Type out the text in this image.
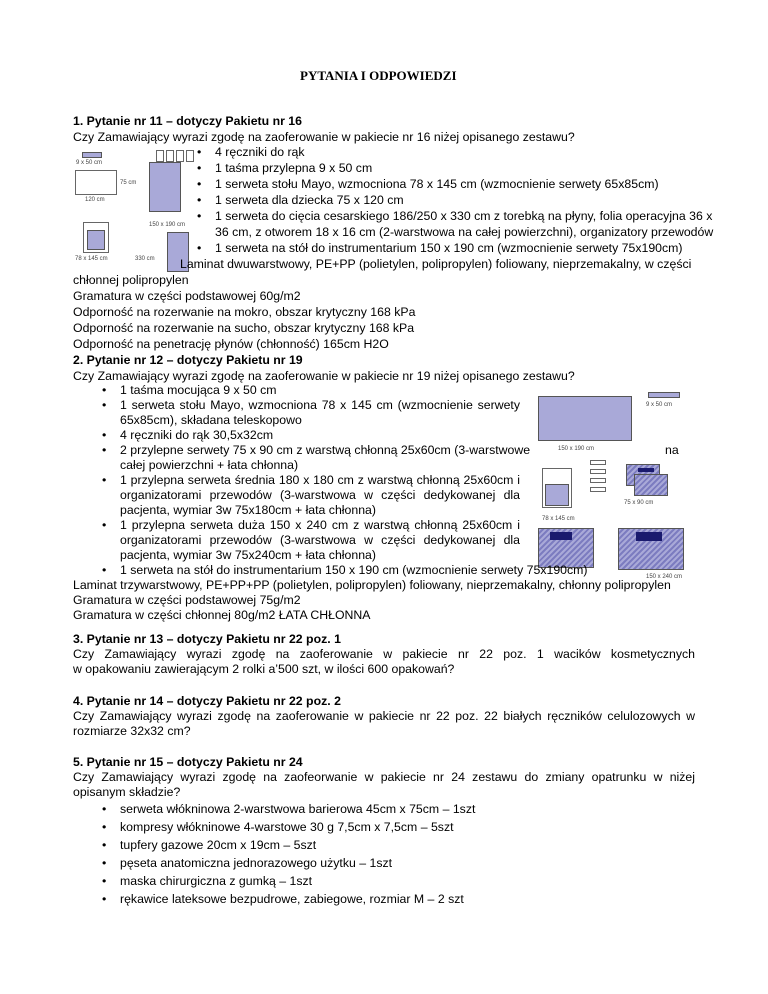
PYTANIA I ODPOWIEDZI
1. Pytanie nr 11 – dotyczy Pakietu nr 16
Czy Zamawiający wyrazi zgodę na zaoferowanie w pakiecie nr 16 niżej opisanego zestawu?
9 x 50 cm
75 cm
120 cm
150 x 190 cm
78 x 145 cm	330 cm
• 4 ręczniki do rąk
• 1 taśma przylepna 9 x 50 cm
• 1 serweta stołu Mayo, wzmocniona 78 x 145 cm (wzmocnienie serwety 65x85cm)
• 1 serweta dla dziecka 75 x 120 cm
• 1 serweta do cięcia cesarskiego 186/250 x 330 cm z torebką na płyny, folia operacyjna 36 x
36 cm, z otworem 18 x 16 cm (2-warstwowa na całej powierzchni), organizatory przewodów
• 1 serweta na stół do instrumentarium 150 x 190 cm (wzmocnienie serwety 75x190cm)
Laminat dwuwarstwowy, PE+PP (polietylen, polipropylen) foliowany, nieprzemakalny, w części
chłonnej polipropylen
Gramatura w części podstawowej 60g/m2
Odporność na rozerwanie na mokro, obszar krytyczny 168 kPa
Odporność na rozerwanie na sucho, obszar krytyczny 168 kPa
Odporność na penetrację płynów (chłonność) 165cm H2O
2. Pytanie nr 12 – dotyczy Pakietu nr 19
Czy Zamawiający wyrazi zgodę na zaoferowanie w pakiecie nr 19 niżej opisanego zestawu?
150 x 190 cm
9 x 50 cm
75 x 90 cm
78 x 145 cm
150 x 240 cm
• 1 taśma mocująca 9 x 50 cm
• 1 serweta stołu Mayo, wzmocniona 78 x 145 cm (wzmocnienie serwety
65x85cm), składana teleskopowo
• 4 ręczniki do rąk 30,5x32cm
• 2 przylepne serwety 75 x 90 cm z warstwą chłonną 25x60cm (3-warstwowe
całej powierzchni + łata chłonna)
na
• 1 przylepna serweta średnia 180 x 180 cm z warstwą chłonną 25x60cm i
organizatorami przewodów (3-warstwowa w części dedykowanej dla
pacjenta, wymiar 3w 75x180cm + łata chłonna)
• 1 przylepna serweta duża 150 x 240 cm z warstwą chłonną 25x60cm i
organizatorami przewodów (3-warstwowa w części dedykowanej dla
pacjenta, wymiar 3w 75x240cm + łata chłonna)
• 1 serweta na stół do instrumentarium 150 x 190 cm (wzmocnienie serwety 75x190cm)
Laminat trzywarstwowy, PE+PP+PP (polietylen, polipropylen) foliowany, nieprzemakalny, chłonny polipropylen
Gramatura w części podstawowej 75g/m2
Gramatura w części chłonnej 80g/m2 ŁATA CHŁONNA
3. Pytanie nr 13 – dotyczy Pakietu nr 22 poz. 1
Czy Zamawiający wyrazi zgodę na zaoferowanie w pakiecie nr 22 poz. 1 wacików kosmetycznych
w opakowaniu zawierającym 2 rolki a’500 szt, w ilości 600 opakowań?
4. Pytanie nr 14 – dotyczy Pakietu nr 22 poz. 2
Czy Zamawiający wyrazi zgodę na zaoferowanie w pakiecie nr 22 poz. 22 białych ręczników celulozowych w
rozmiarze 32x32 cm?
5. Pytanie nr 15 – dotyczy Pakietu nr 24
Czy Zamawiający wyrazi zgodę na zaofeorwanie w pakiecie nr 24 zestawu do zmiany opatrunku w niżej
opisanym składzie?
• serweta włókninowa 2-warstwowa barierowa 45cm x 75cm – 1szt
• kompresy włókninowe 4-warstowe 30 g 7,5cm x 7,5cm – 5szt
• tupfery gazowe 20cm x 19cm – 5szt
• pęseta anatomiczna jednorazowego użytku – 1szt
• maska chirurgiczna z gumką – 1szt
• rękawice lateksowe bezpudrowe, zabiegowe, rozmiar M – 2 szt
